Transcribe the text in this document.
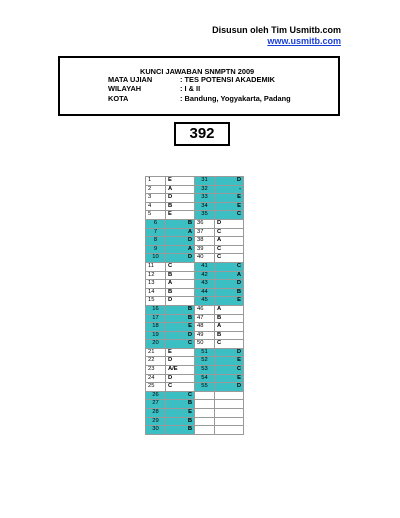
Disusun oleh Tim Usmitb.com
www.usmitb.com
KUNCI JAWABAN SNMPTN 2009
MATA UJIAN	: TES POTENSI AKADEMIK
WILAYAH	: I & II
KOTA	: Bandung, Yogyakarta, Padang
392
1	E	31	D
2	A	32	-
3	D	33	E
4	B	34	E
5	E	35	C
6	B	36	D
7	A	37	C
8	D	38	A
9	A	39	C
10	D	40	C
11	C	41	C
12	B	42	A
13	A	43	D
14	B	44	B
15	D	45	E
16	B	46	A
17	B	47	B
18	E	48	A
19	D	49	B
20	C	50	C
21	E	51	D
22	D	52	E
23	A/E	53	C
24	D	54	E
25	C	55	D
26	C		
27	B		
28	E		
29	B		
30	B		
